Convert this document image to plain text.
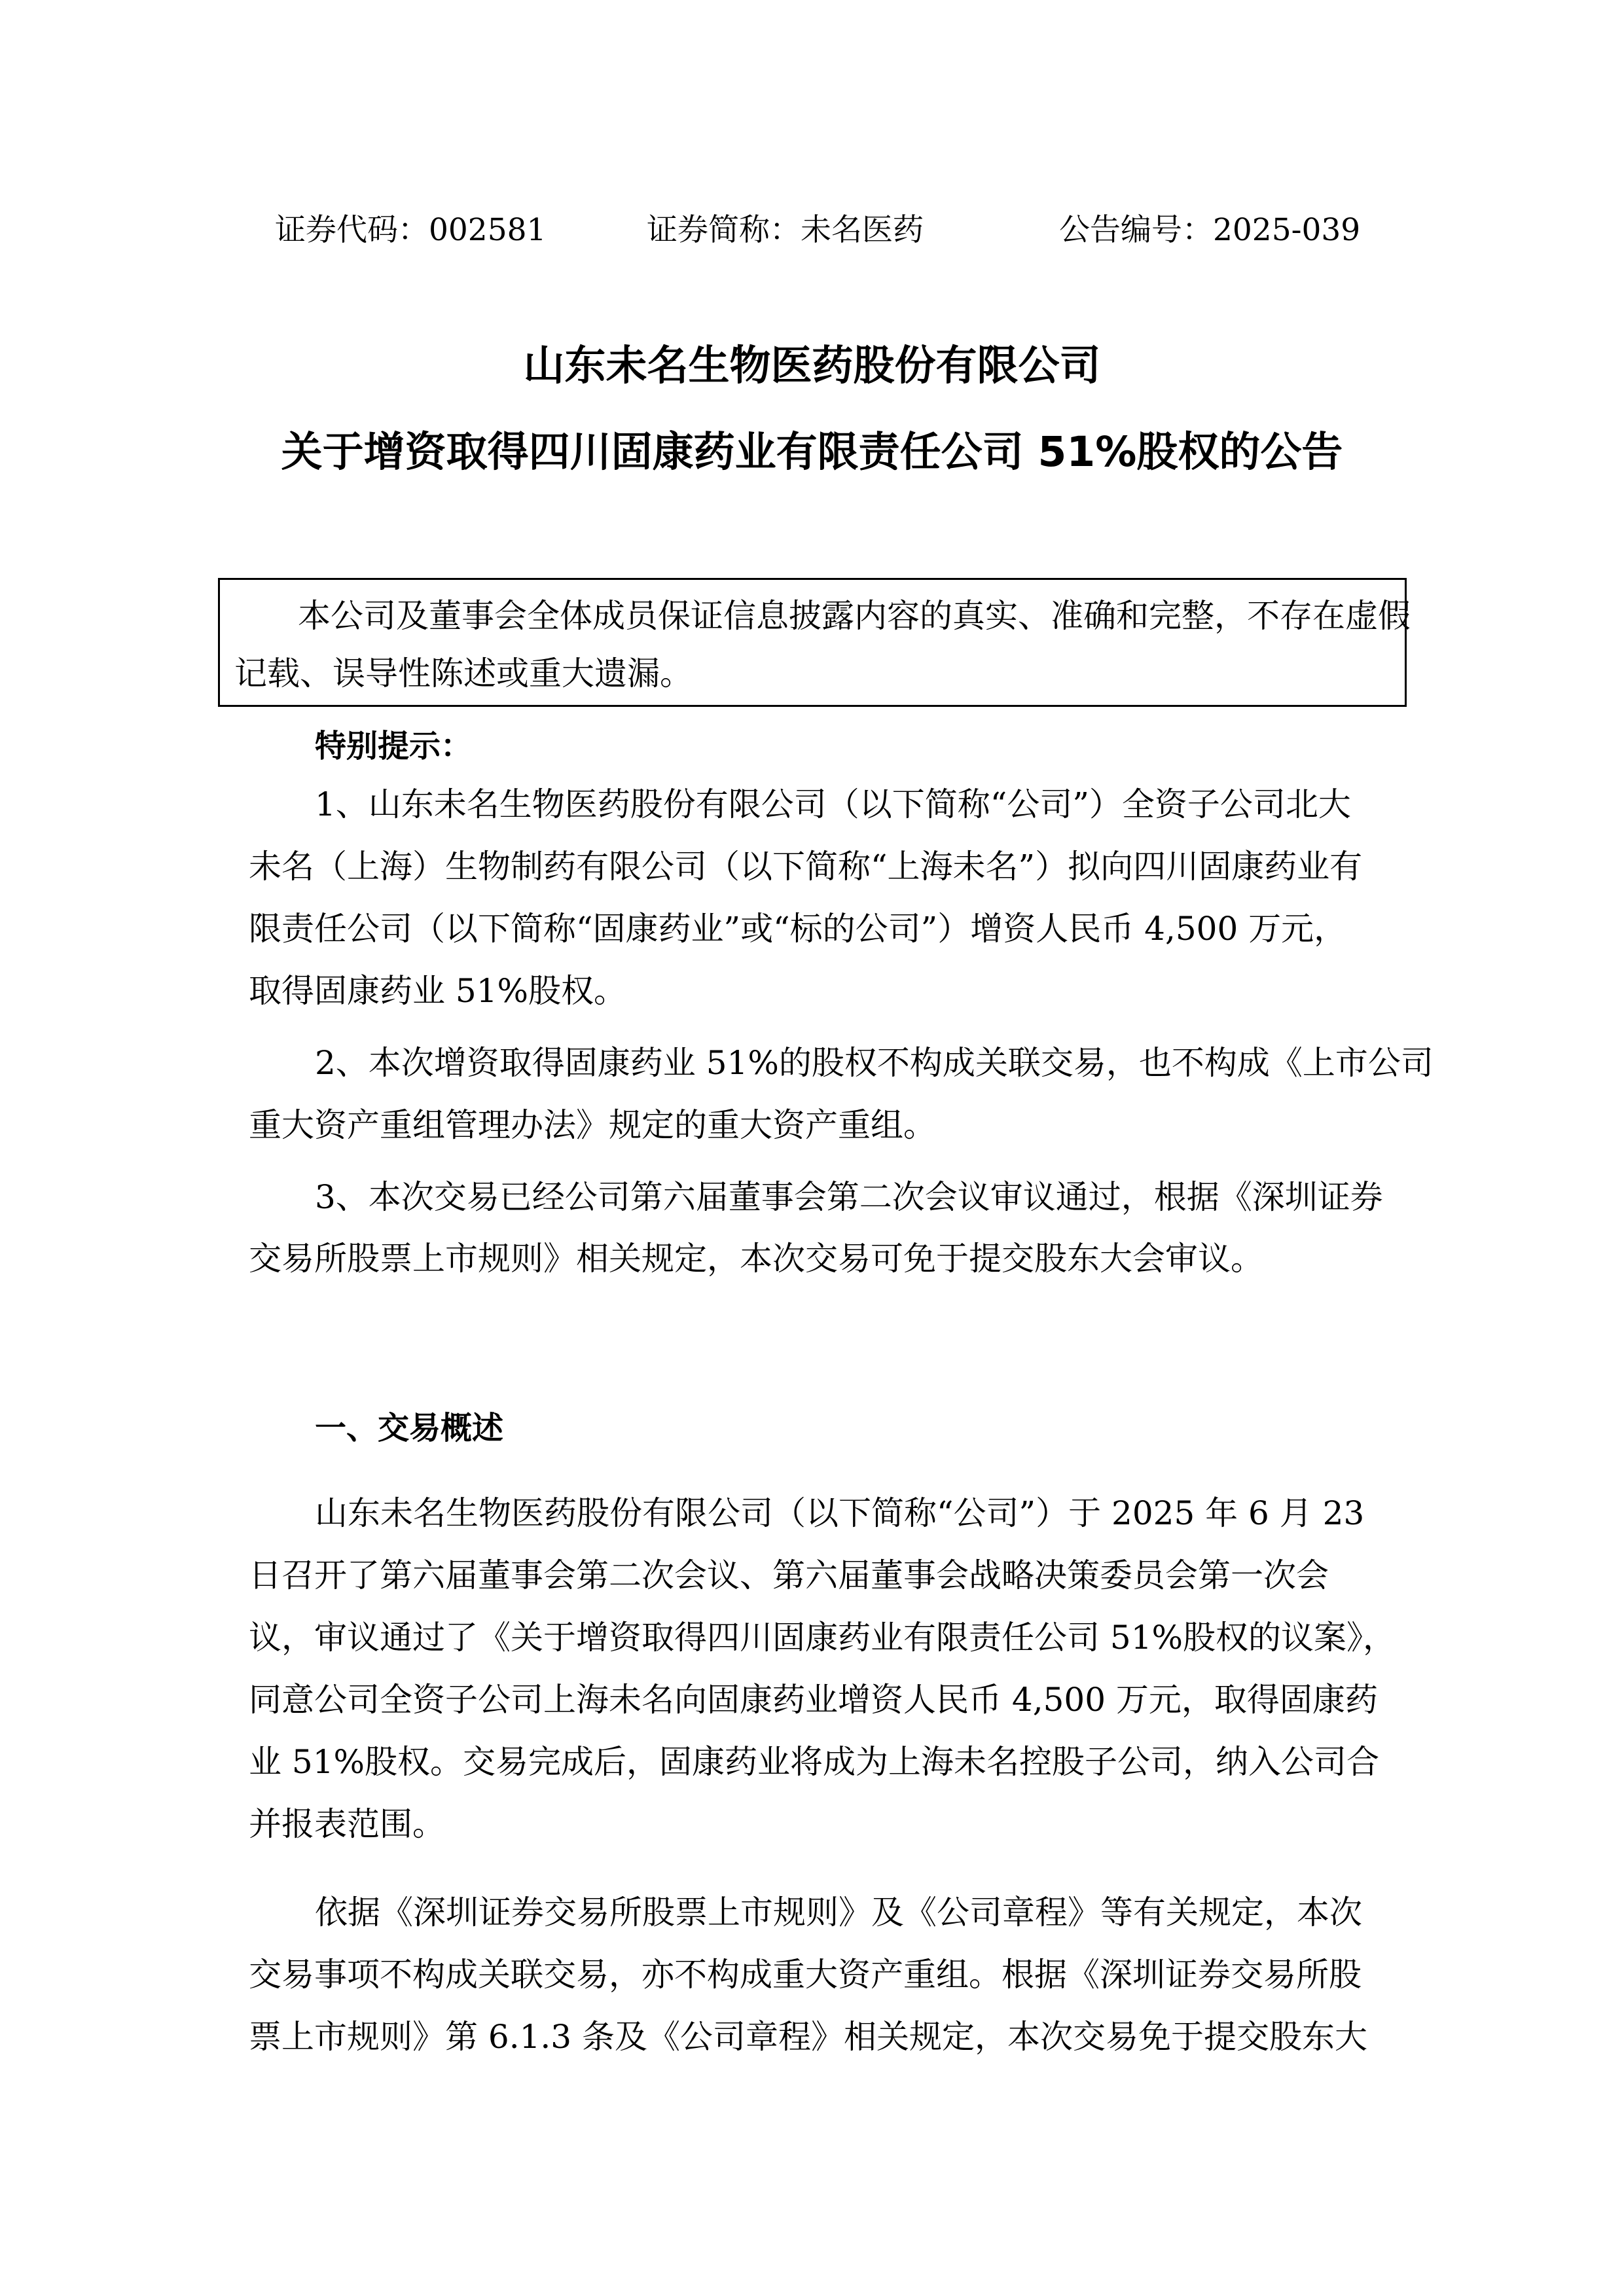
证券代码：002581	证券简称：未名医药	公告编号：2025-039
山东未名生物医药股份有限公司
关于增资取得四川固康药业有限责任公司 51%股权的公告
本公司及董事会全体成员保证信息披露内容的真实、准确和完整，不存在虚假
记载、误导性陈述或重大遗漏。
特别提示：
1、山东未名生物医药股份有限公司（以下简称“公司”）全资子公司北大
未名（上海）生物制药有限公司（以下简称“上海未名”）拟向四川固康药业有
限责任公司（以下简称“固康药业”或“标的公司”）增资人民币 4,500 万元，
取得固康药业 51%股权。
2、本次增资取得固康药业 51%的股权不构成关联交易，也不构成《上市公司
重大资产重组管理办法》规定的重大资产重组。
3、本次交易已经公司第六届董事会第二次会议审议通过，根据《深圳证券
交易所股票上市规则》相关规定，本次交易可免于提交股东大会审议。
一、交易概述
山东未名生物医药股份有限公司（以下简称“公司”）于 2025 年 6 月 23
日召开了第六届董事会第二次会议、第六届董事会战略决策委员会第一次会
议，审议通过了《关于增资取得四川固康药业有限责任公司 51%股权的议案》，
同意公司全资子公司上海未名向固康药业增资人民币 4,500 万元，取得固康药
业 51%股权。交易完成后，固康药业将成为上海未名控股子公司，纳入公司合
并报表范围。
依据《深圳证券交易所股票上市规则》及《公司章程》等有关规定，本次
交易事项不构成关联交易，亦不构成重大资产重组。根据《深圳证券交易所股
票上市规则》第 6.1.3 条及《公司章程》相关规定，本次交易免于提交股东大
